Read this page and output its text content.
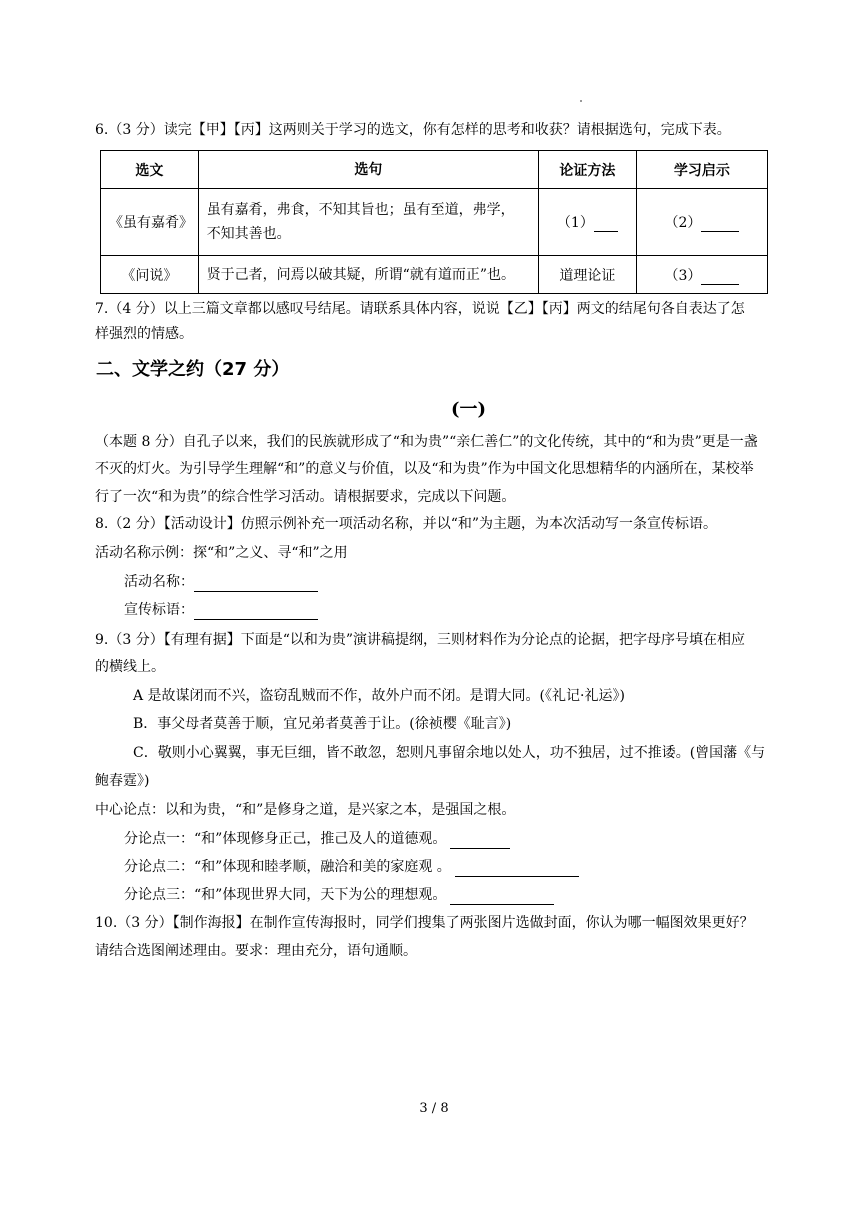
6.（3 分）读完【甲】【丙】这两则关于学习的选文，你有怎样的思考和收获？请根据选句，完成下表。
选文	选句	论证方法	学习启示
《虽有嘉肴》	虽有嘉肴，弗食，不知其旨也；虽有至道，弗学，
不知其善也。	（1）	（2）
《问说》	贤于己者，问焉以破其疑，所谓“就有道而正”也。	道理论证	（3）
7.（4 分）以上三篇文章都以感叹号结尾。请联系具体内容，说说【乙】【丙】两文的结尾句各自表达了怎
样强烈的情感。
二、文学之约（27 分）
(一)
（本题 8 分）自孔子以来，我们的民族就形成了“和为贵”“亲仁善仁”的文化传统，其中的“和为贵”更是一盏
不灭的灯火。为引导学生理解“和”的意义与价值，以及“和为贵”作为中国文化思想精华的内涵所在，某校举
行了一次“和为贵”的综合性学习活动。请根据要求，完成以下问题。
8.（2 分）【活动设计】仿照示例补充一项活动名称，并以“和”为主题，为本次活动写一条宣传标语。
活动名称示例：探“和”之义、寻“和”之用
活动名称：
宣传标语：
9.（3 分）【有理有据】下面是“以和为贵”演讲稿提纲，三则材料作为分论点的论据，把字母序号填在相应
的横线上。
A 是故谋闭而不兴，盗窃乱贼而不作，故外户而不闭。是谓大同。(《礼记·礼运》)
B．事父母者莫善于顺，宜兄弟者莫善于让。(徐祯樱《耻言》)
C．敬则小心翼翼，事无巨细，皆不敢忽，恕则凡事留余地以处人，功不独居，过不推诿。(曾国藩《与
鲍春霆》)
中心论点：以和为贵，“和”是修身之道，是兴家之本，是强国之根。
分论点一：“和”体现修身正己，推己及人的道德观。
分论点二：“和”体现和睦孝顺，融洽和美的家庭观 。
分论点三：“和”体现世界大同，天下为公的理想观。
10.（3 分）【制作海报】在制作宣传海报时，同学们搜集了两张图片选做封面，你认为哪一幅图效果更好？
请结合选图阐述理由。要求：理由充分，语句通顺。
3 / 8
